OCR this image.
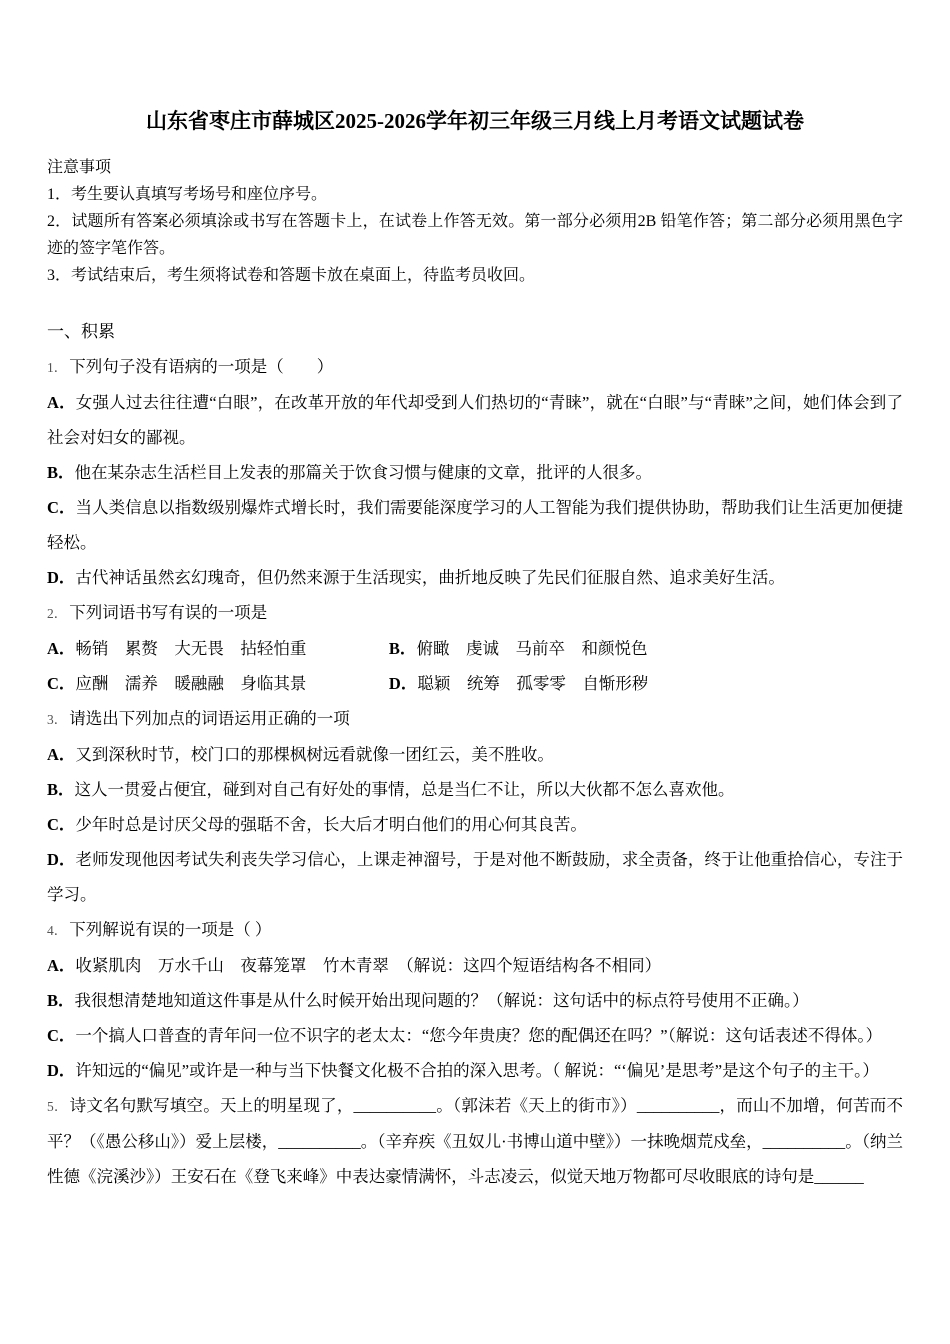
山东省枣庄市薛城区2025-2026学年初三年级三月线上月考语文试题试卷

注意事项

1．考生要认真填写考场号和座位序号。

2．试题所有答案必须填涂或书写在答题卡上，在试卷上作答无效。第一部分必须用2B 铅笔作答；第二部分必须用黑色字迹的签字笔作答。

3．考试结束后，考生须将试卷和答题卡放在桌面上，待监考员收回。

一、积累

1． 下列句子没有语病的一项是（　　）

A．女强人过去往往遭“白眼”，在改革开放的年代却受到人们热切的“青睐”，就在“白眼”与“青睐”之间，她们体会到了社会对妇女的鄙视。

B．他在某杂志生活栏目上发表的那篇关于饮食习惯与健康的文章，批评的人很多。

C．当人类信息以指数级别爆炸式增长时，我们需要能深度学习的人工智能为我们提供协助，帮助我们让生活更加便捷轻松。

D．古代神话虽然玄幻瑰奇，但仍然来源于生活现实，曲折地反映了先民们征服自然、追求美好生活。

2． 下列词语书写有误的一项是

A．畅销　累赘　大无畏　拈轻怕重　　　　　B．俯瞰　虔诚　马前卒　和颜悦色

C．应酬　濡养　暖融融　身临其景　　　　　D．聪颖　统筹　孤零零　自惭形秽

3． 请选出下列加点的词语运用正确的一项

A．又到深秋时节，校门口的那棵枫树远看就像一团红云，美不胜收。

B．这人一贯爱占便宜，碰到对自己有好处的事情，总是当仁不让，所以大伙都不怎么喜欢他。

C．少年时总是讨厌父母的强聒不舍，长大后才明白他们的用心何其良苦。

D．老师发现他因考试失利丧失学习信心，上课走神溜号，于是对他不断鼓励，求全责备，终于让他重拾信心，专注于学习。

4． 下列解说有误的一项是（ ）

A．收紧肌肉　万水千山　夜幕笼罩　竹木青翠　（解说：这四个短语结构各不相同）

B．我很想清楚地知道这件事是从什么时候开始出现问题的？（解说：这句话中的标点符号使用不正确。）

C．一个搞人口普查的青年问一位不识字的老太太：“您今年贵庚？您的配偶还在吗？”（解说：这句话表述不得体。）

D．许知远的“偏见”或许是一种与当下快餐文化极不合拍的深入思考。（ 解说：“‘偏见’是思考”是这个句子的主干。）

5． 诗文名句默写填空。天上的明星现了，__________。（郭沫若《天上的街市》）__________，而山不加增，何苦而不平？（《愚公移山》）爱上层楼，__________。（辛弃疾《丑奴儿·书博山道中壁》）一抹晚烟荒戍垒，__________。（纳兰性德《浣溪沙》）王安石在《登飞来峰》中表达豪情满怀，斗志凌云，似觉天地万物都可尽收眼底的诗句是______
